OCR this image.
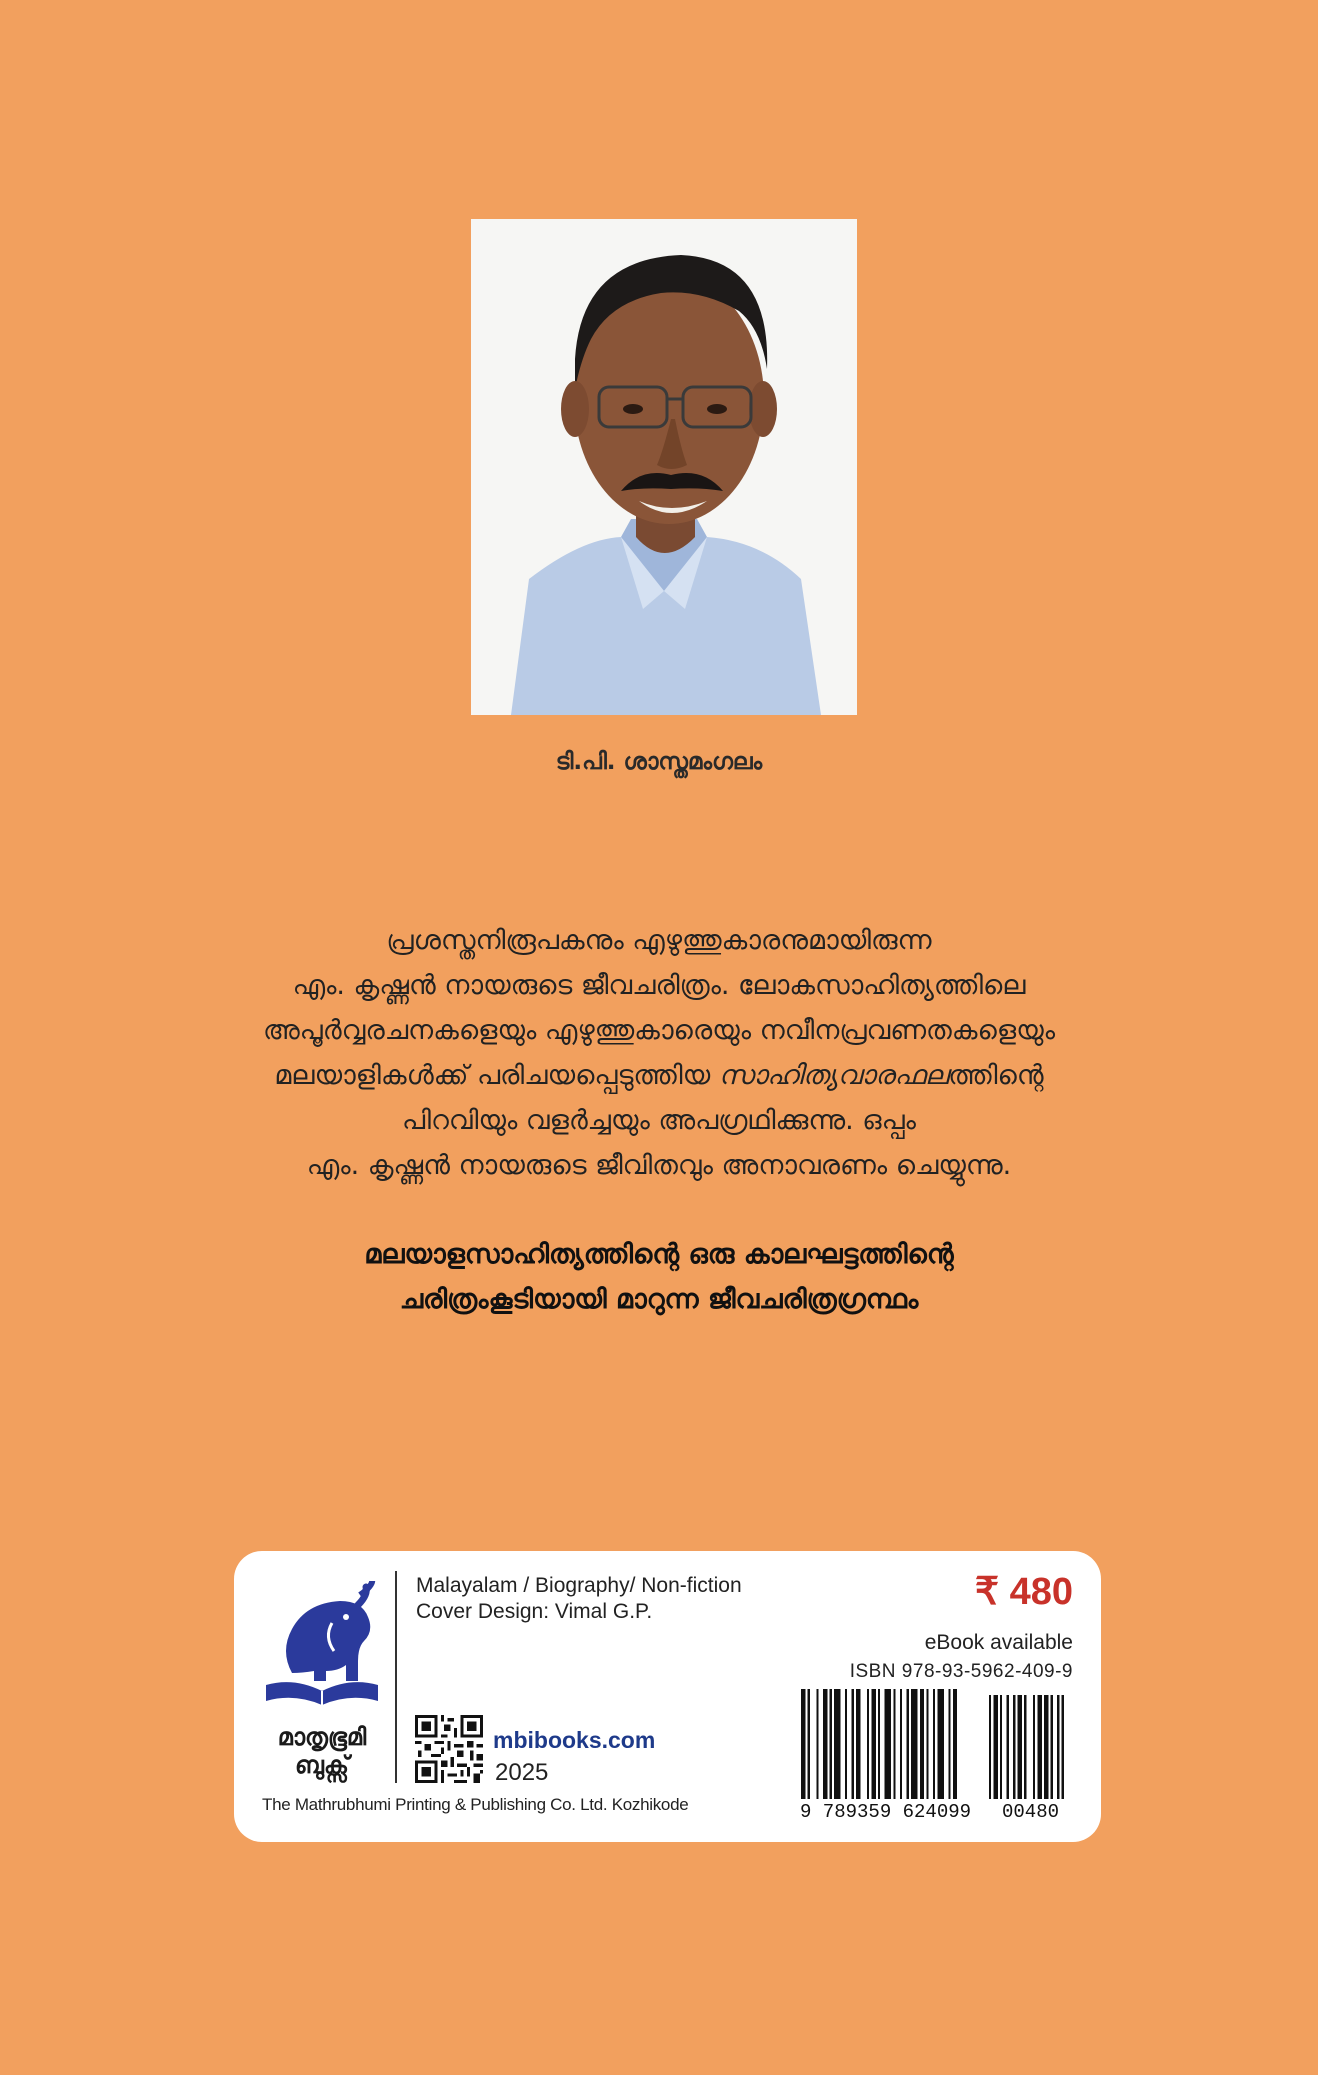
ടി.പി. ശാസ്തമംഗലം
പ്രശസ്തനിരൂപകനും എഴുത്തുകാരനുമായിരുന്ന
എം. കൃഷ്ണൻ നായരുടെ ജീവചരിത്രം. ലോകസാഹിത്യത്തിലെ
അപൂർവ്വരചനകളെയും എഴുത്തുകാരെയും നവീനപ്രവണതകളെയും
മലയാളികൾക്ക് പരിചയപ്പെടുത്തിയ സാഹിത്യവാരഫലത്തിന്റെ
പിറവിയും വളർച്ചയും അപഗ്രഥിക്കുന്നു. ഒപ്പം
എം. കൃഷ്ണൻ നായരുടെ ജീവിതവും അനാവരണം ചെയ്യുന്നു.
മലയാളസാഹിത്യത്തിന്റെ ഒരു കാലഘട്ടത്തിന്റെ
ചരിത്രംകൂടിയായി മാറുന്ന ജീവചരിത്രഗ്രന്ഥം
മാതൃഭൂമി
ബുക്സ്
Malayalam / Biography/ Non-fiction
Cover Design: Vimal G.P.
mbibooks.com
2025
The Mathrubhumi Printing & Publishing Co. Ltd. Kozhikode
₹ 480
eBook available
ISBN 978-93-5962-409-9
9 789359 624099 00480
